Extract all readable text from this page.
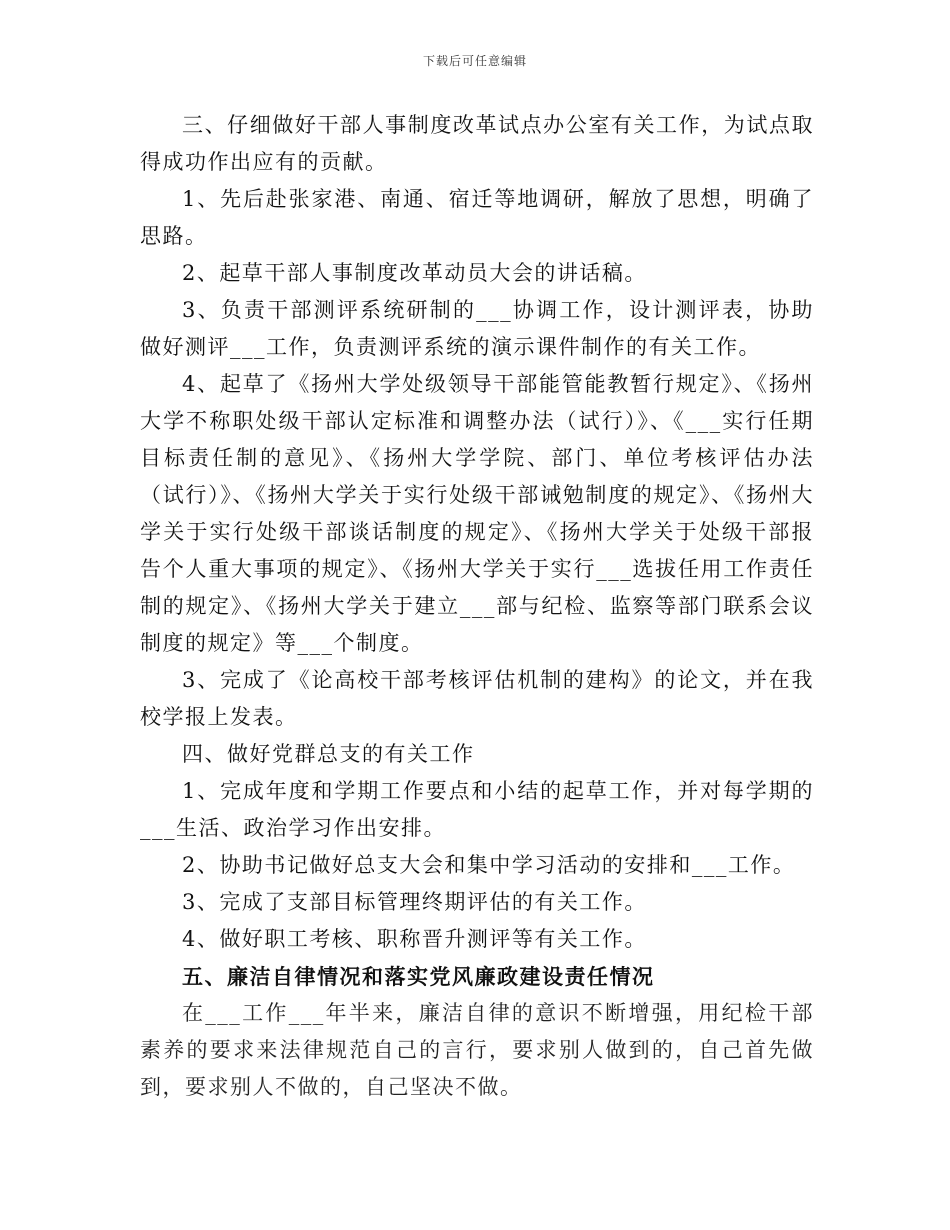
下载后可任意编辑

三、仔细做好干部人事制度改革试点办公室有关工作，为试点取得成功作出应有的贡献。

1、先后赴张家港、南通、宿迁等地调研，解放了思想，明确了思路。

2、起草干部人事制度改革动员大会的讲话稿。

3、负责干部测评系统研制的___协调工作，设计测评表，协助做好测评___工作，负责测评系统的演示课件制作的有关工作。

4、起草了《扬州大学处级领导干部能管能教暂行规定》、《扬州大学不称职处级干部认定标准和调整办法（试行）》、《___实行任期目标责任制的意见》、《扬州大学学院、部门、单位考核评估办法（试行）》、《扬州大学关于实行处级干部诫勉制度的规定》、《扬州大学关于实行处级干部谈话制度的规定》、《扬州大学关于处级干部报告个人重大事项的规定》、《扬州大学关于实行___选拔任用工作责任制的规定》、《扬州大学关于建立___部与纪检、监察等部门联系会议制度的规定》等___个制度。

3、完成了《论高校干部考核评估机制的建构》的论文，并在我校学报上发表。

四、做好党群总支的有关工作

1、完成年度和学期工作要点和小结的起草工作，并对每学期的___生活、政治学习作出安排。

2、协助书记做好总支大会和集中学习活动的安排和___工作。

3、完成了支部目标管理终期评估的有关工作。

4、做好职工考核、职称晋升测评等有关工作。

五、廉洁自律情况和落实党风廉政建设责任情况

在___工作___年半来，廉洁自律的意识不断增强，用纪检干部素养的要求来法律规范自己的言行，要求别人做到的，自己首先做到，要求别人不做的，自己坚决不做。
